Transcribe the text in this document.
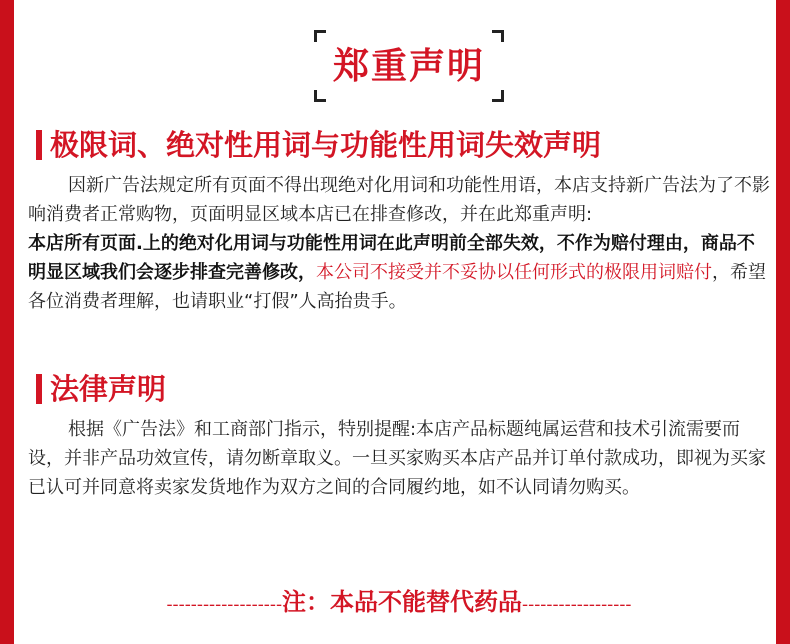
郑重声明
极限词、绝对性用词与功能性用词失效声明
因新广告法规定所有页面不得出现绝对化用词和功能性用语，本店支持新广告法为了不影响消费者正常购物，页面明显区域本店已在排查修改，并在此郑重声明:
本店所有页面.上的绝对化用词与功能性用词在此声明前全部失效，不作为赔付理由，商品不明显区域我们会逐步排查完善修改，本公司不接受并不妥协以任何形式的极限用词赔付，希望各位消费者理解，也请职业“打假”人高抬贵手。
法律声明
根据《广告法》和工商部门指示，特别提醒:本店产品标题纯属运营和技术引流需要而设，并非产品功效宣传，请勿断章取义。一旦买家购买本店产品并订单付款成功，即视为买家已认可并同意将卖家发货地作为双方之间的合同履约地，如不认同请勿购买。
-------------------注：本品不能替代药品------------------
